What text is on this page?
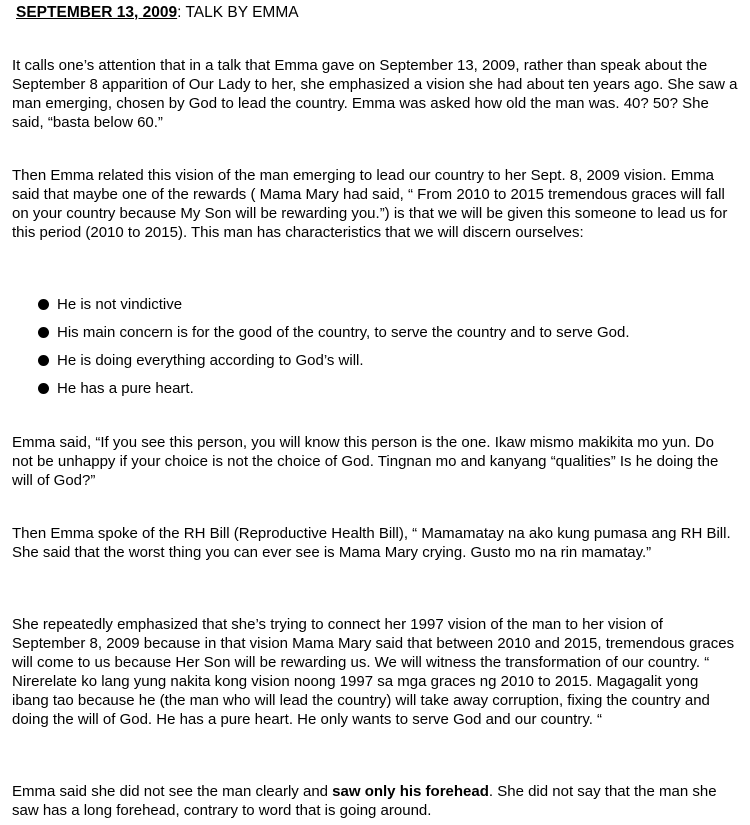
SEPTEMBER 13, 2009: TALK BY EMMA

It calls one’s attention that in a talk that Emma gave on September 13, 2009, rather than speak about the September 8 apparition of Our Lady to her, she emphasized a vision she had about ten years ago. She saw a man emerging, chosen by God to lead the country. Emma was asked how old the man was. 40? 50? She said, “basta below 60.”

Then Emma related this vision of the man emerging to lead our country to her Sept. 8, 2009 vision. Emma said that maybe one of the rewards ( Mama Mary had said, “ From 2010 to 2015 tremendous graces will fall on your country because My Son will be rewarding you.”) is that we will be given this someone to lead us for this period (2010 to 2015). This man has characteristics that we will discern ourselves:

He is not vindictive
His main concern is for the good of the country, to serve the country and to serve God.
He is doing everything according to God’s will.
He has a pure heart.

Emma said, “If you see this person, you will know this person is the one. Ikaw mismo makikita mo yun. Do not be unhappy if your choice is not the choice of God. Tingnan mo and kanyang “qualities” Is he doing the will of God?”

Then Emma spoke of the RH Bill (Reproductive Health Bill), “ Mamamatay na ako kung pumasa ang RH Bill. She said that the worst thing you can ever see is Mama Mary crying. Gusto mo na rin mamatay.”

She repeatedly emphasized that she’s trying to connect her 1997 vision of the man to her vision of September 8, 2009 because in that vision Mama Mary said that between 2010 and 2015, tremendous graces will come to us because Her Son will be rewarding us. We will witness the transformation of our country. “ Nirerelate ko lang yung nakita kong vision noong 1997 sa mga graces ng 2010 to 2015. Magagalit yong ibang tao because he (the man who will lead the country) will take away corruption, fixing the country and doing the will of God. He has a pure heart. He only wants to serve God and our country. “

Emma said she did not see the man clearly and saw only his forehead. She did not say that the man she saw has a long forehead, contrary to word that is going around.
